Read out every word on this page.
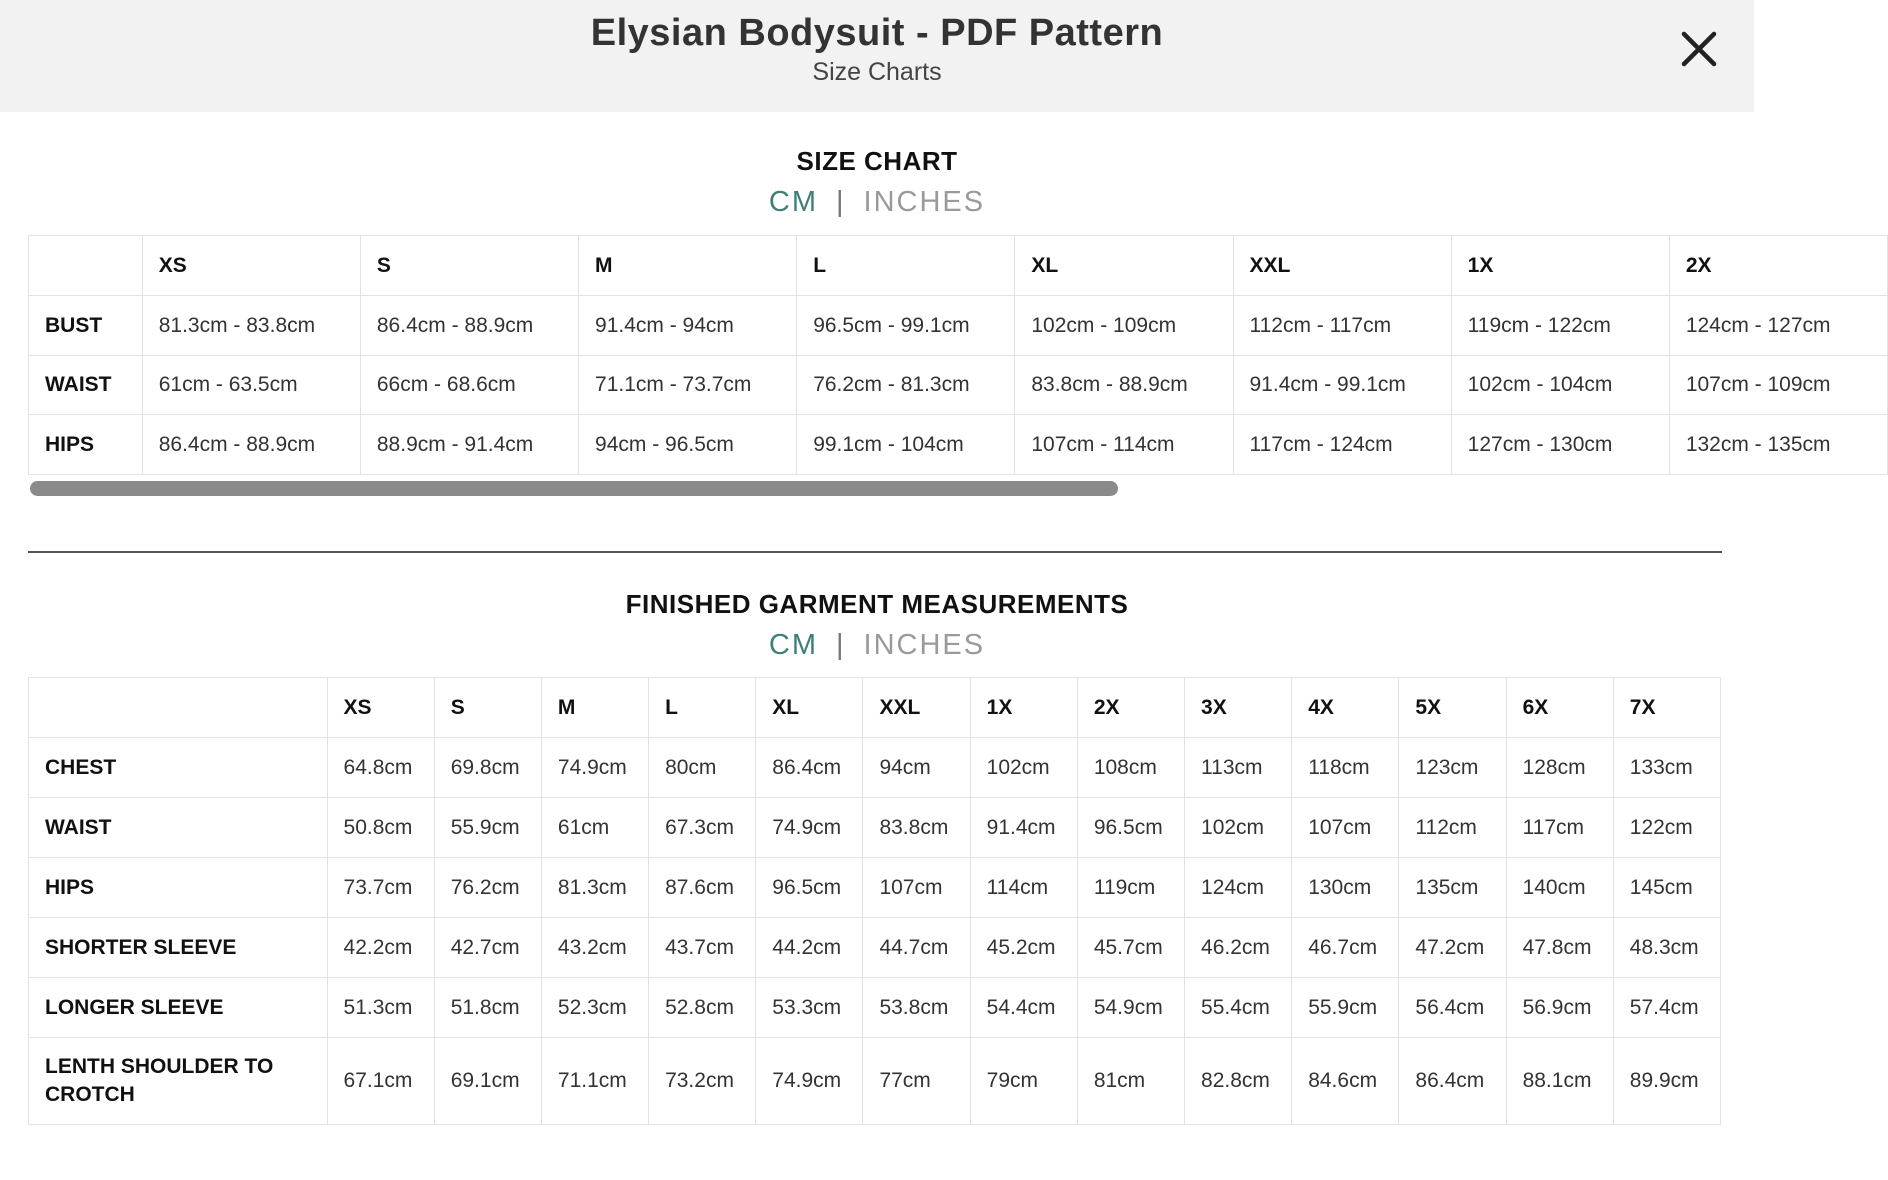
Elysian Bodysuit - PDF Pattern
Size Charts
SIZE CHART
CM | INCHES
	XS	S	M	L	XL	XXL	1X	2X
BUST	81.3cm - 83.8cm	86.4cm - 88.9cm	91.4cm - 94cm	96.5cm - 99.1cm	102cm - 109cm	112cm - 117cm	119cm - 122cm	124cm - 127cm
WAIST	61cm - 63.5cm	66cm - 68.6cm	71.1cm - 73.7cm	76.2cm - 81.3cm	83.8cm - 88.9cm	91.4cm - 99.1cm	102cm - 104cm	107cm - 109cm
HIPS	86.4cm - 88.9cm	88.9cm - 91.4cm	94cm - 96.5cm	99.1cm - 104cm	107cm - 114cm	117cm - 124cm	127cm - 130cm	132cm - 135cm
FINISHED GARMENT MEASUREMENTS
CM | INCHES
	XS	S	M	L	XL	XXL	1X	2X	3X	4X	5X	6X	7X
CHEST	64.8cm	69.8cm	74.9cm	80cm	86.4cm	94cm	102cm	108cm	113cm	118cm	123cm	128cm	133cm
WAIST	50.8cm	55.9cm	61cm	67.3cm	74.9cm	83.8cm	91.4cm	96.5cm	102cm	107cm	112cm	117cm	122cm
HIPS	73.7cm	76.2cm	81.3cm	87.6cm	96.5cm	107cm	114cm	119cm	124cm	130cm	135cm	140cm	145cm
SHORTER SLEEVE	42.2cm	42.7cm	43.2cm	43.7cm	44.2cm	44.7cm	45.2cm	45.7cm	46.2cm	46.7cm	47.2cm	47.8cm	48.3cm
LONGER SLEEVE	51.3cm	51.8cm	52.3cm	52.8cm	53.3cm	53.8cm	54.4cm	54.9cm	55.4cm	55.9cm	56.4cm	56.9cm	57.4cm
LENTH SHOULDER TO CROTCH	67.1cm	69.1cm	71.1cm	73.2cm	74.9cm	77cm	79cm	81cm	82.8cm	84.6cm	86.4cm	88.1cm	89.9cm
